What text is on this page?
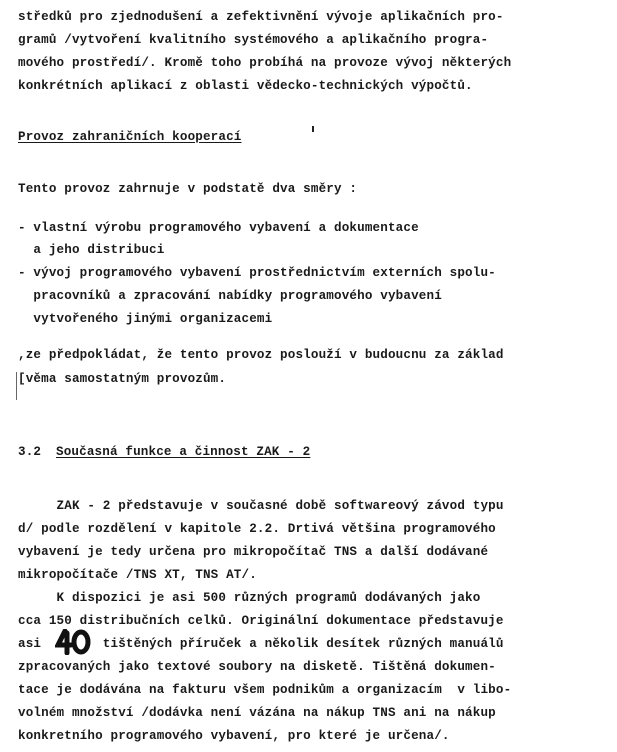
středků pro zjednodušení a zefektivnění vývoje aplikačních pro-
gramů /vytvoření kvalitního systémového a aplikačního progra-
mového prostředí/. Kromě toho probíhá na provoze vývoj některých
konkrétních aplikací z oblasti vědecko-technických výpočtů.
Provoz zahraničních kooperací
Tento provoz zahrnuje v podstatě dva směry :
- vlastní výrobu programového vybavení a dokumentace
a jeho distribuci
- vývoj programového vybavení prostřednictvím externích spolu-
pracovníků a zpracování nabídky programového vybavení
vytvořeného jinými organizacemi
,ze předpokládat, že tento provoz poslouží v budoucnu za základ
[věma samostatným provozům.
3.2 Současná funkce a činnost ZAK - 2
ZAK - 2 představuje v současné době softwareový závod typu
d/ podle rozdělení v kapitole 2.2. Drtivá většina programového
vybavení je tedy určena pro mikropočítač TNS a další dodávané
mikropočítače /TNS XT, TNS AT/.
K dispozici je asi 500 různých programů dodávaných jako
cca 150 distribučních celků. Originální dokumentace představuje
asi        tištěných příruček a několik desítek různých manuálů
zpracovaných jako textové soubory na disketě. Tištěná dokumen-
tace je dodávána na fakturu všem podnikům a organizacím  v libo-
volném množství /dodávka není vázána na nákup TNS ani na nákup
konkretního programového vybavení, pro které je určena/.
